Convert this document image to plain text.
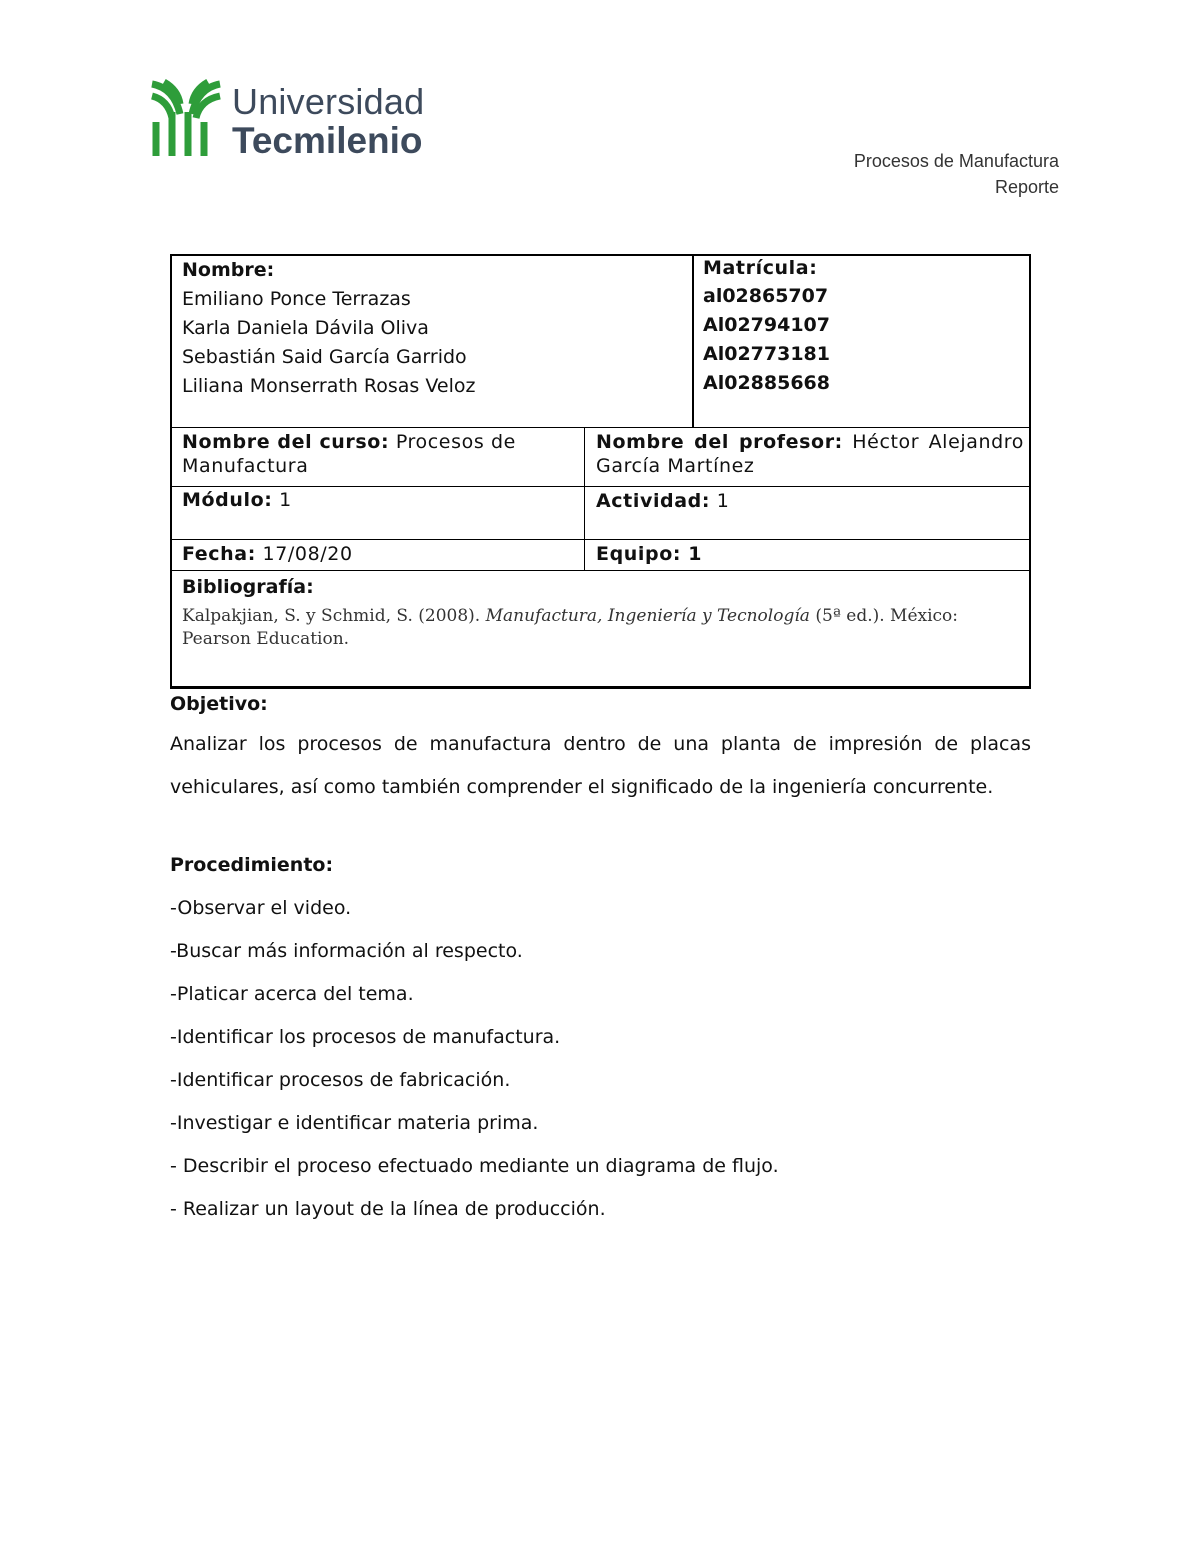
Universidad
Tecmilenio	Procesos de Manufactura
Reporte
Nombre:
Emiliano Ponce Terrazas
Karla Daniela Dávila Oliva
Sebastián Said García Garrido
Liliana Monserrath Rosas Veloz
Matrícula:
al02865707
Al02794107
Al02773181
Al02885668
Nombre del curso: Procesos de Manufactura
Nombre del profesor: Héctor Alejandro García Martínez
Módulo: 1	Actividad: 1
Fecha: 17/08/20	Equipo: 1
Bibliografía:
Kalpakjian, S. y Schmid, S. (2008). Manufactura, Ingeniería y Tecnología (5ª ed.). México: Pearson Education.
Objetivo:
Analizar los procesos de manufactura dentro de una planta de impresión de placas vehiculares, así como también comprender el significado de la ingeniería concurrente.
Procedimiento:
-Observar el video.
-Buscar más información al respecto.
-Platicar acerca del tema.
-Identificar los procesos de manufactura.
-Identificar procesos de fabricación.
-Investigar e identificar materia prima.
- Describir el proceso efectuado mediante un diagrama de flujo.
- Realizar un layout de la línea de producción.
